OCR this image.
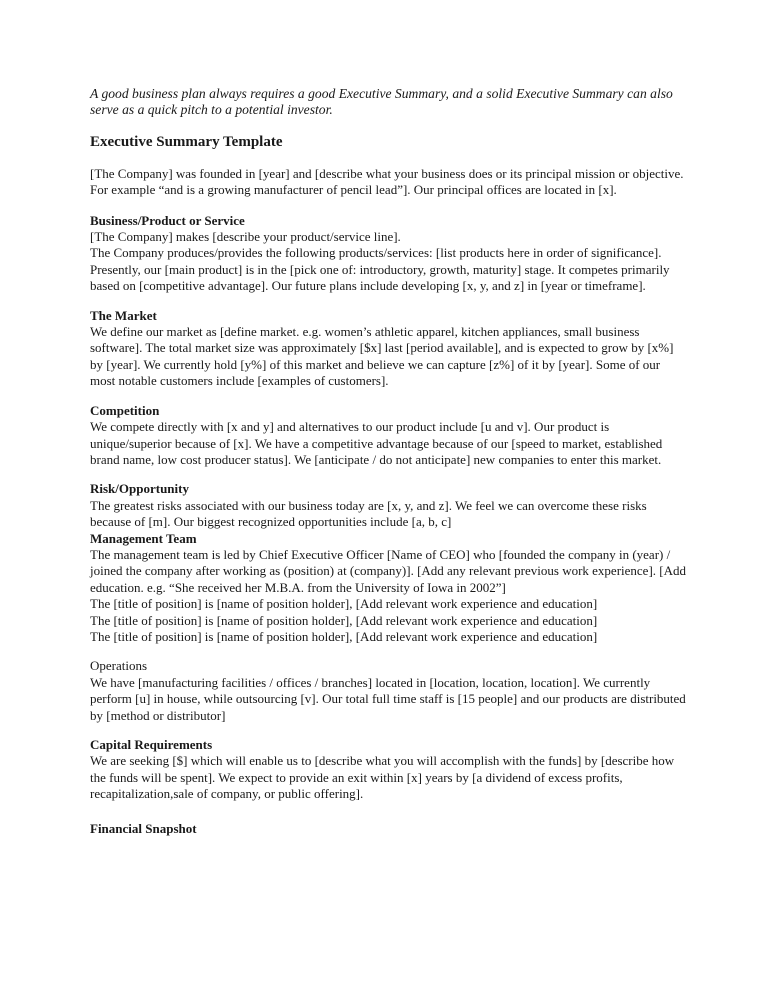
A good business plan always requires a good Executive Summary, and a solid Executive Summary can also serve as a quick pitch to a potential investor.

Executive Summary Template

[The Company] was founded in [year] and [describe what your business does or its principal mission or objective. For example “and is a growing manufacturer of pencil lead”]. Our principal offices are located in [x].

Business/Product or Service

[The Company] makes [describe your product/service line].

The Company produces/provides the following products/services: [list products here in order of significance].

Presently, our [main product] is in the [pick one of: introductory, growth, maturity] stage. It competes primarily based on [competitive advantage]. Our future plans include developing [x, y, and z] in [year or timeframe].

The Market

We define our market as [define market. e.g. women’s athletic apparel, kitchen appliances, small business software]. The total market size was approximately [$x] last [period available], and is expected to grow by [x%] by [year]. We currently hold [y%] of this market and believe we can capture [z%] of it by [year]. Some of our most notable customers include [examples of customers].

Competition

We compete directly with [x and y] and alternatives to our product include [u and v]. Our product is unique/superior because of [x]. We have a competitive advantage because of our [speed to market, established brand name, low cost producer status]. We [anticipate / do not anticipate] new companies to enter this market.

Risk/Opportunity

The greatest risks associated with our business today are [x, y, and z]. We feel we can overcome these risks because of [m]. Our biggest recognized opportunities include [a, b, c]

Management Team

The management team is led by Chief Executive Officer [Name of CEO] who [founded the company in (year) / joined the company after working as (position) at (company)]. [Add any relevant previous work experience]. [Add education. e.g. “She received her M.B.A. from the University of Iowa in 2002”]

The [title of position] is [name of position holder], [Add relevant work experience and education]

The [title of position] is [name of position holder], [Add relevant work experience and education]

The [title of position] is [name of position holder], [Add relevant work experience and education]

Operations

We have [manufacturing facilities / offices / branches] located in [location, location, location]. We currently perform [u] in house, while outsourcing [v]. Our total full time staff is [15 people] and our products are distributed by [method or distributor]

Capital Requirements

We are seeking [$] which will enable us to [describe what you will accomplish with the funds] by [describe how the funds will be spent]. We expect to provide an exit within [x] years by [a dividend of excess profits, recapitalization,sale of company, or public offering].

Financial Snapshot
